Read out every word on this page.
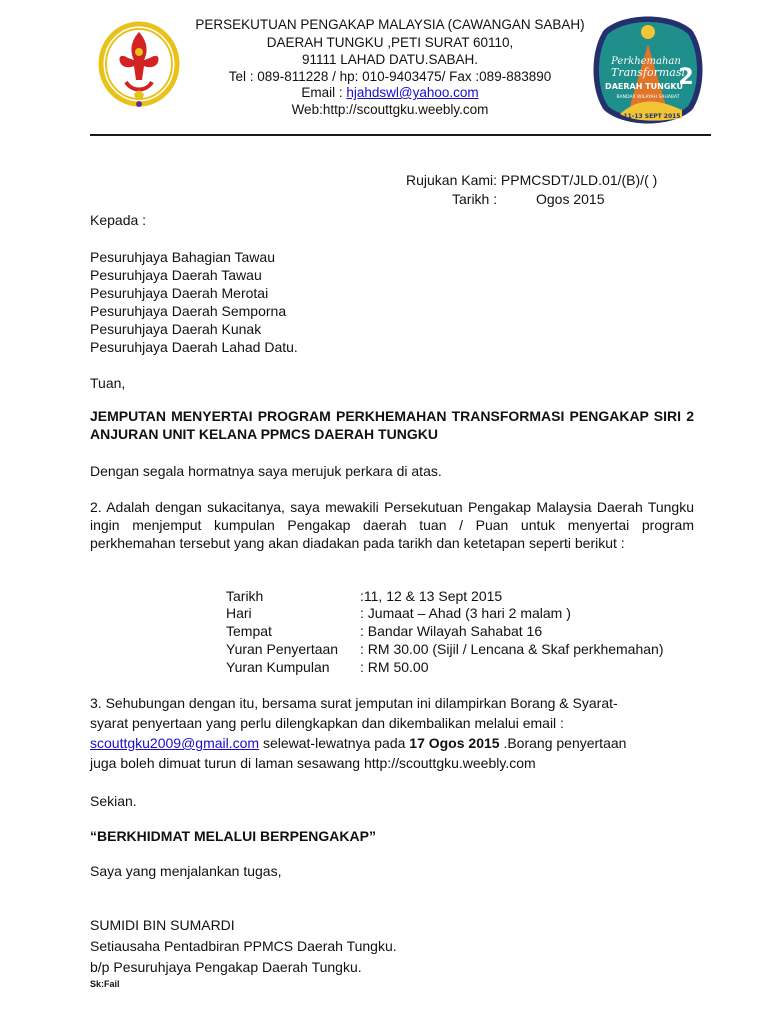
Perkhemahan
Transformasi
DAERAH TUNGKU
2
BANDAR WILAYAH SAHABAT
11-13 SEPT 2015
PERSEKUTUAN PENGAKAP MALAYSIA (CAWANGAN SABAH)
DAERAH TUNGKU ,PETI SURAT 60110,
91111 LAHAD DATU.SABAH.
Tel : 089-811228 / hp: 010-9403475/ Fax :089-883890
Email : hjahdswl@yahoo.com
Web:http://scouttgku.weebly.com
Rujukan Kami: PPMCSDT/JLD.01/(B)/( )
Tarikh :	Ogos 2015
Kepada :
Pesuruhjaya Bahagian Tawau
Pesuruhjaya Daerah Tawau
Pesuruhjaya Daerah Merotai
Pesuruhjaya Daerah Semporna
Pesuruhjaya Daerah Kunak
Pesuruhjaya Daerah Lahad Datu.
Tuan,
JEMPUTAN MENYERTAI PROGRAM PERKHEMAHAN TRANSFORMASI PENGAKAP SIRI 2 ANJURAN UNIT KELANA PPMCS DAERAH TUNGKU
Dengan segala hormatnya saya merujuk perkara di atas.
2. Adalah dengan sukacitanya, saya mewakili Persekutuan Pengakap Malaysia Daerah Tungku ingin menjemput kumpulan Pengakap daerah tuan / Puan untuk menyertai program perkhemahan tersebut yang akan diadakan pada tarikh dan ketetapan seperti berikut :
Tarikh	:11, 12 & 13 Sept 2015
Hari	: Jumaat – Ahad (3 hari 2 malam )
Tempat	: Bandar Wilayah Sahabat 16
Yuran Penyertaan : RM 30.00 (Sijil / Lencana & Skaf perkhemahan)
Yuran Kumpulan : RM 50.00
3. Sehubungan dengan itu, bersama surat jemputan ini dilampirkan Borang & Syarat-
syarat penyertaan yang perlu dilengkapkan dan dikembalikan melalui email :
scouttgku2009@gmail.com selewat-lewatnya pada 17 Ogos 2015 .Borang penyertaan
juga boleh dimuat turun di laman sesawang http://scouttgku.weebly.com
Sekian.
“BERKHIDMAT MELALUI BERPENGAKAP”
Saya yang menjalankan tugas,
SUMIDI BIN SUMARDI
Setiausaha Pentadbiran PPMCS Daerah Tungku.
b/p Pesuruhjaya Pengakap Daerah Tungku.
Sk:Fail
